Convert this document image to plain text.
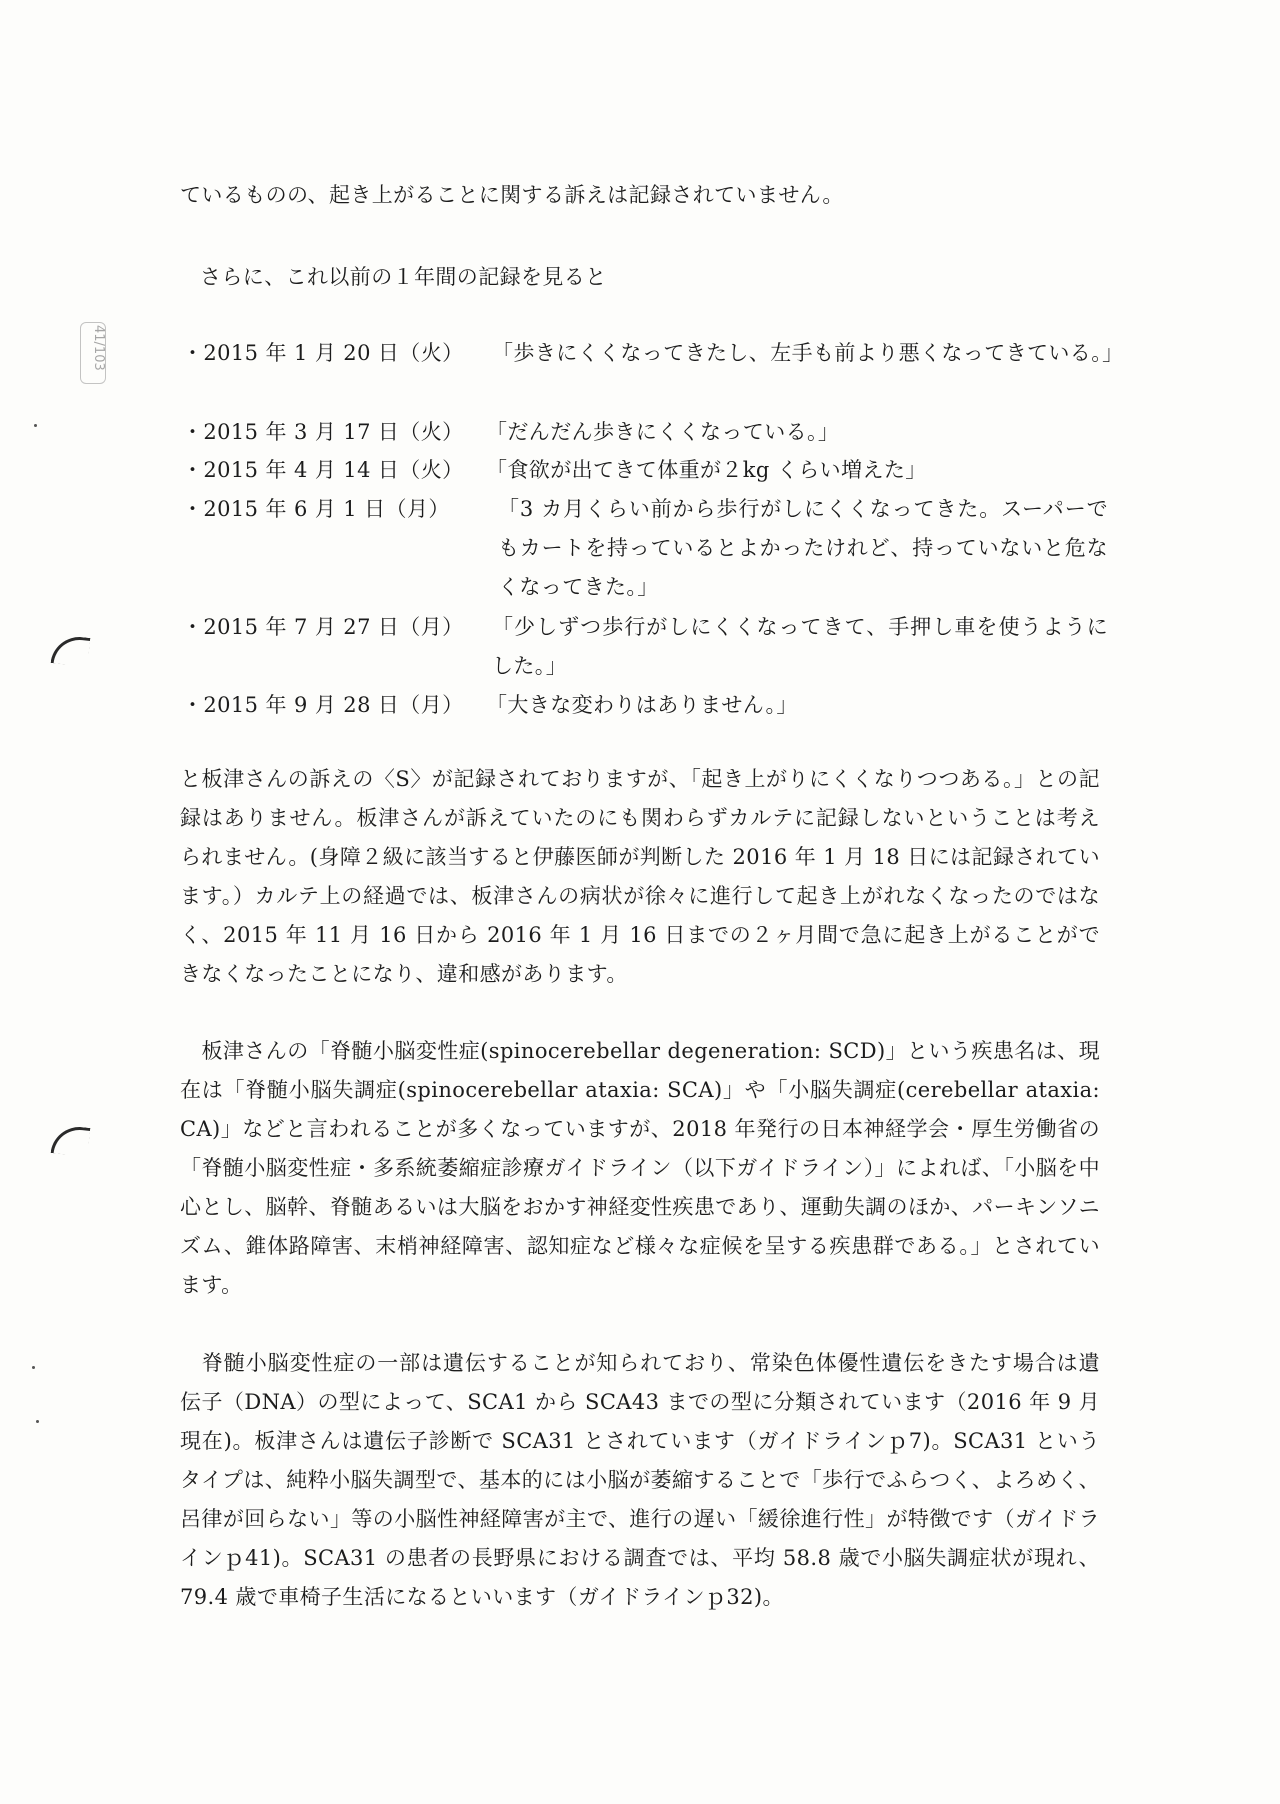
41/103
ているものの、起き上がることに関する訴えは記録されていません。
さらに、これ以前の１年間の記録を見ると
・2015 年 1 月 20 日（火） 「歩きにくくなってきたし、左手も前より悪くなってきている。」
・2015 年 3 月 17 日（火） 「だんだん歩きにくくなっている。」
・2015 年 4 月 14 日（火） 「食欲が出てきて体重が２kg くらい増えた」
・2015 年 6 月 1 日（月） 「3 カ月くらい前から歩行がしにくくなってきた。スーパーでもカートを持っているとよかったけれど、持っていないと危なくなってきた。」
・2015 年 7 月 27 日（月） 「少しずつ歩行がしにくくなってきて、手押し車を使うようにした。」
・2015 年 9 月 28 日（月） 「大きな変わりはありません。」
と板津さんの訴えの〈S〉が記録されておりますが、「起き上がりにくくなりつつある。」との記録はありません。板津さんが訴えていたのにも関わらずカルテに記録しないということは考えられません。(身障２級に該当すると伊藤医師が判断した 2016 年 1 月 18 日には記録されています。）カルテ上の経過では、板津さんの病状が徐々に進行して起き上がれなくなったのではなく、2015 年 11 月 16 日から 2016 年 1 月 16 日までの２ヶ月間で急に起き上がることができなくなったことになり、違和感があります。
　板津さんの「脊髄小脳変性症(spinocerebellar degeneration: SCD)」という疾患名は、現在は「脊髄小脳失調症(spinocerebellar ataxia: SCA)」や「小脳失調症(cerebellar ataxia: CA)」などと言われることが多くなっていますが、2018 年発行の日本神経学会・厚生労働省の「脊髄小脳変性症・多系統萎縮症診療ガイドライン（以下ガイドライン）」によれば、「小脳を中心とし、脳幹、脊髄あるいは大脳をおかす神経変性疾患であり、運動失調のほか、パーキンソニズム、錐体路障害、末梢神経障害、認知症など様々な症候を呈する疾患群である。」とされています。
　脊髄小脳変性症の一部は遺伝することが知られており、常染色体優性遺伝をきたす場合は遺伝子（DNA）の型によって、SCA1 から SCA43 までの型に分類されています（2016 年 9 月現在)。板津さんは遺伝子診断で SCA31 とされています（ガイドラインｐ7)。SCA31 というタイプは、純粋小脳失調型で、基本的には小脳が萎縮することで「歩行でふらつく、よろめく、呂律が回らない」等の小脳性神経障害が主で、進行の遅い「緩徐進行性」が特徴です（ガイドラインｐ41)。SCA31 の患者の長野県における調査では、平均 58.8 歳で小脳失調症状が現れ、79.4 歳で車椅子生活になるといいます（ガイドラインｐ32)。
